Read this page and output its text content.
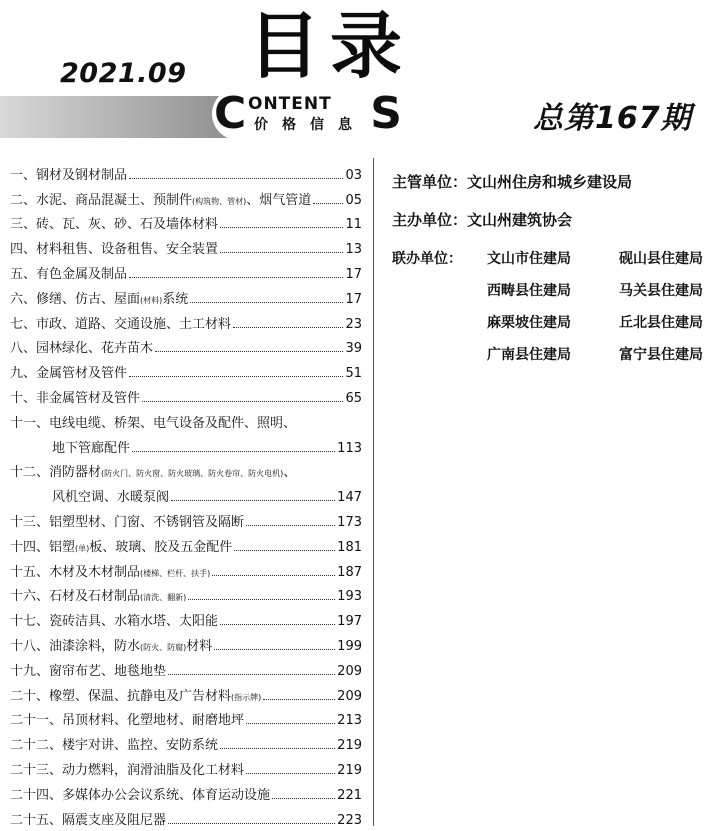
2021.09 目录
C ONTENT
价格信息 S	总第167期
一、钢材及钢材制品	03
二、水泥、商品混凝土、预制件(构筑物、管材)、烟气管道	05
三、砖、瓦、灰、砂、石及墙体材料	11
四、材料租售、设备租售、安全装置	13
五、有色金属及制品	17
六、修缮、仿古、屋面(材料)系统	17
七、市政、道路、交通设施、土工材料	23
八、园林绿化、花卉苗木	39
九、金属管材及管件	51
十、非金属管材及管件	65
十一、电线电缆、桥架、电气设备及配件、照明、
地下管廊配件	113
十二、消防器材(防火门、防火窗、防火玻璃、防火卷帘、防火电机)、
风机空调、水暖泵阀	147
十三、铝塑型材、门窗、不锈钢管及隔断	173
十四、铝塑(单)板、玻璃、胶及五金配件	181
十五、木材及木材制品(楼梯、栏杆、扶手)	187
十六、石材及石材制品(清洗、翻新)	193
十七、瓷砖洁具、水箱水塔、太阳能	197
十八、油漆涂料，防水(防火、防腐)材料	199
十九、窗帘布艺、地毯地垫	209
二十、橡塑、保温、抗静电及广告材料(指示牌)	209
二十一、吊顶材料、化塑地材、耐磨地坪	213
二十二、楼宇对讲、监控、安防系统	219
二十三、动力燃料，润滑油脂及化工材料	219
二十四、多媒体办公会议系统、体育运动设施	221
二十五、隔震支座及阻尼器	223
主管单位：文山州住房和城乡建设局
主办单位：文山州建筑协会
联办单位：	文山市住建局	砚山县住建局
西畴县住建局	马关县住建局
麻栗坡住建局	丘北县住建局
广南县住建局	富宁县住建局
